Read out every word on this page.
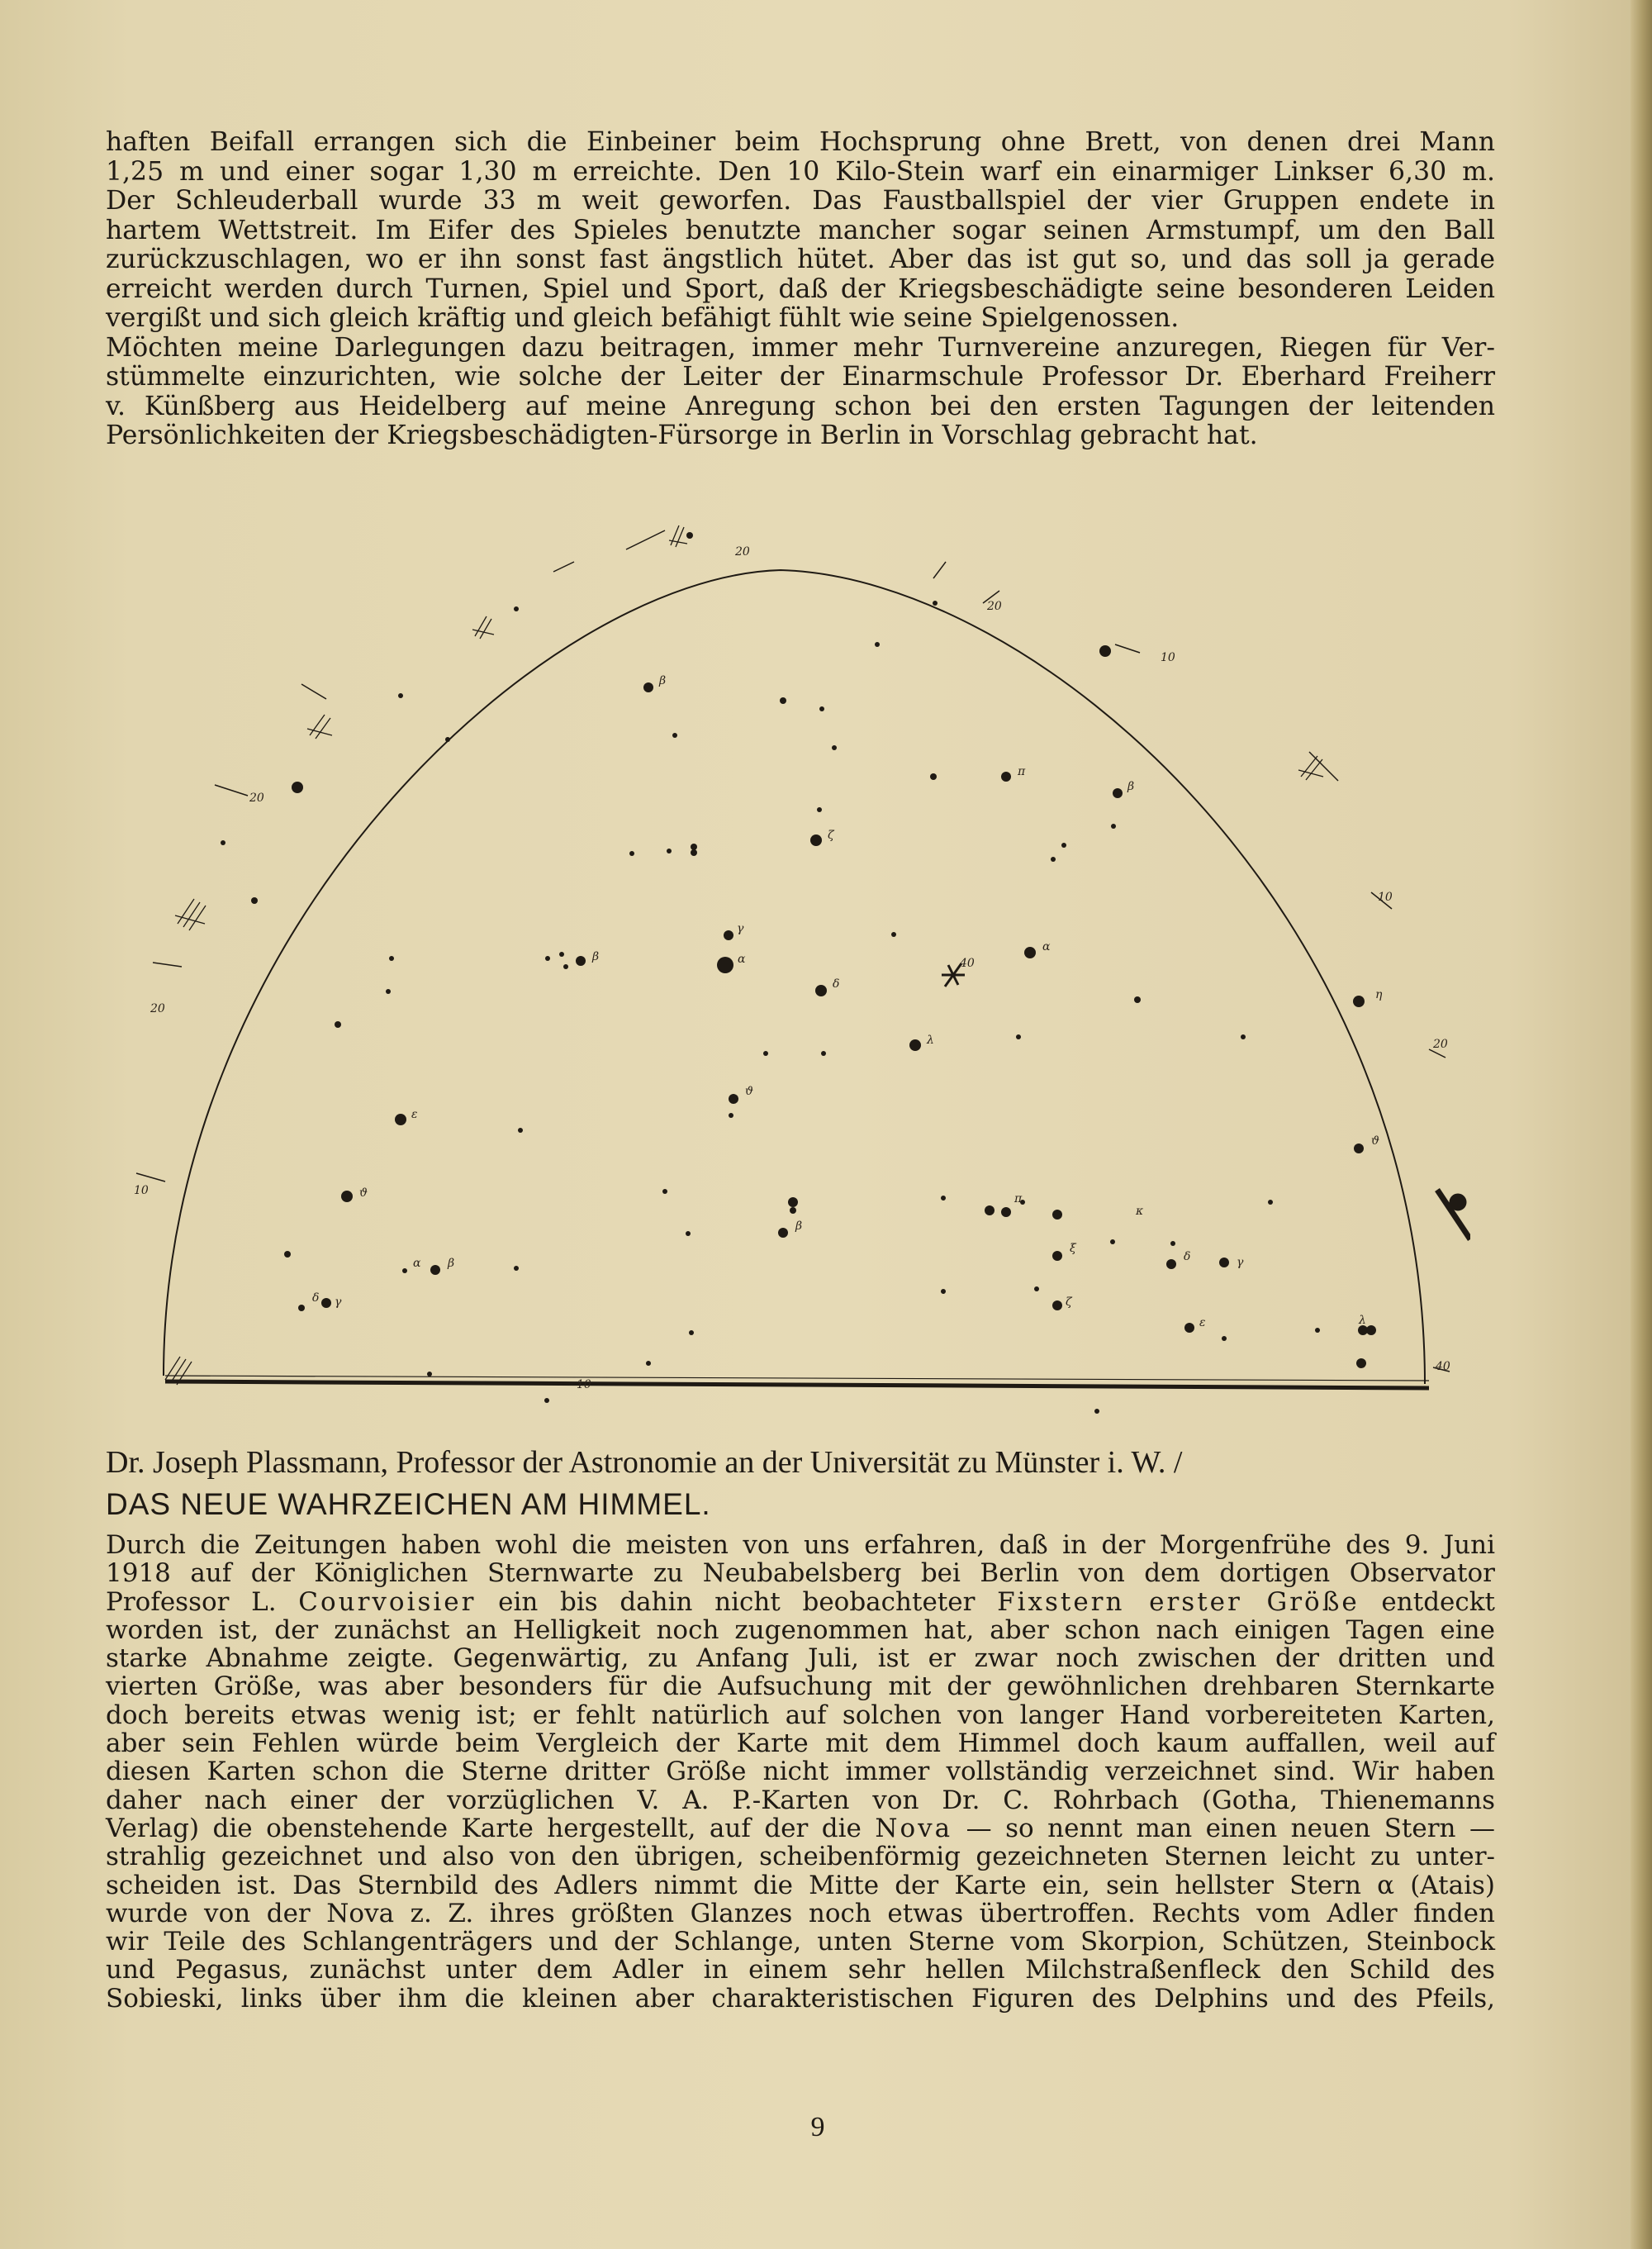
haften Beifall errangen sich die Einbeiner beim Hochsprung ohne Brett, von denen drei Mann

1,25 m und einer sogar 1,30 m erreichte. Den 10 Kilo-Stein warf ein einarmiger Linkser 6,30 m.

Der Schleuderball wurde 33 m weit geworfen. Das Faustballspiel der vier Gruppen endete in

hartem Wettstreit. Im Eifer des Spieles benutzte mancher sogar seinen Armstumpf, um den Ball

zurückzuschlagen, wo er ihn sonst fast ängstlich hütet. Aber das ist gut so, und das soll ja gerade

erreicht werden durch Turnen, Spiel und Sport, daß der Kriegsbeschädigte seine besonderen Leiden

vergißt und sich gleich kräftig und gleich befähigt fühlt wie seine Spielgenossen.

Möchten meine Darlegungen dazu beitragen, immer mehr Turnvereine anzuregen, Riegen für Ver-

stümmelte einzurichten, wie solche der Leiter der Einarmschule Professor Dr. Eberhard Freiherr

v. Künßberg aus Heidelberg auf meine Anregung schon bei den ersten Tagungen der leitenden

Persönlichkeiten der Kriegsbeschädigten-Fürsorge in Berlin in Vorschlag gebracht hat.

20
20
10
20
20
10
10
20
40
10
40
α
γ
δ
ζ
η
ϑ
λ
β
π
ϑ
α β
β
ξ
δ	γ
κ
π
ε
ζ
ε
β
β
α
ϑ
δ γ
λ
Dr. Joseph Plassmann, Professor der Astronomie an der Universität zu Münster i. W. /
DAS NEUE WAHRZEICHEN AM HIMMEL.

Durch die Zeitungen haben wohl die meisten von uns erfahren, daß in der Morgenfrühe des 9. Juni

1918 auf der Königlichen Sternwarte zu Neubabelsberg bei Berlin von dem dortigen Observator

Professor L. Courvoisier ein bis dahin nicht beobachteter Fixstern erster Größe entdeckt

worden ist, der zunächst an Helligkeit noch zugenommen hat, aber schon nach einigen Tagen eine

starke Abnahme zeigte. Gegenwärtig, zu Anfang Juli, ist er zwar noch zwischen der dritten und

vierten Größe, was aber besonders für die Aufsuchung mit der gewöhnlichen drehbaren Sternkarte

doch bereits etwas wenig ist; er fehlt natürlich auf solchen von langer Hand vorbereiteten Karten,

aber sein Fehlen würde beim Vergleich der Karte mit dem Himmel doch kaum auffallen, weil auf

diesen Karten schon die Sterne dritter Größe nicht immer vollständig verzeichnet sind. Wir haben

daher nach einer der vorzüglichen V. A. P.-Karten von Dr. C. Rohrbach (Gotha, Thienemanns

Verlag) die obenstehende Karte hergestellt, auf der die Nova — so nennt man einen neuen Stern —

strahlig gezeichnet und also von den übrigen, scheibenförmig gezeichneten Sternen leicht zu unter-

scheiden ist. Das Sternbild des Adlers nimmt die Mitte der Karte ein, sein hellster Stern α (Atais)

wurde von der Nova z. Z. ihres größten Glanzes noch etwas übertroffen. Rechts vom Adler finden

wir Teile des Schlangenträgers und der Schlange, unten Sterne vom Skorpion, Schützen, Steinbock

und Pegasus, zunächst unter dem Adler in einem sehr hellen Milchstraßenfleck den Schild des

Sobieski, links über ihm die kleinen aber charakteristischen Figuren des Delphins und des Pfeils,

9
